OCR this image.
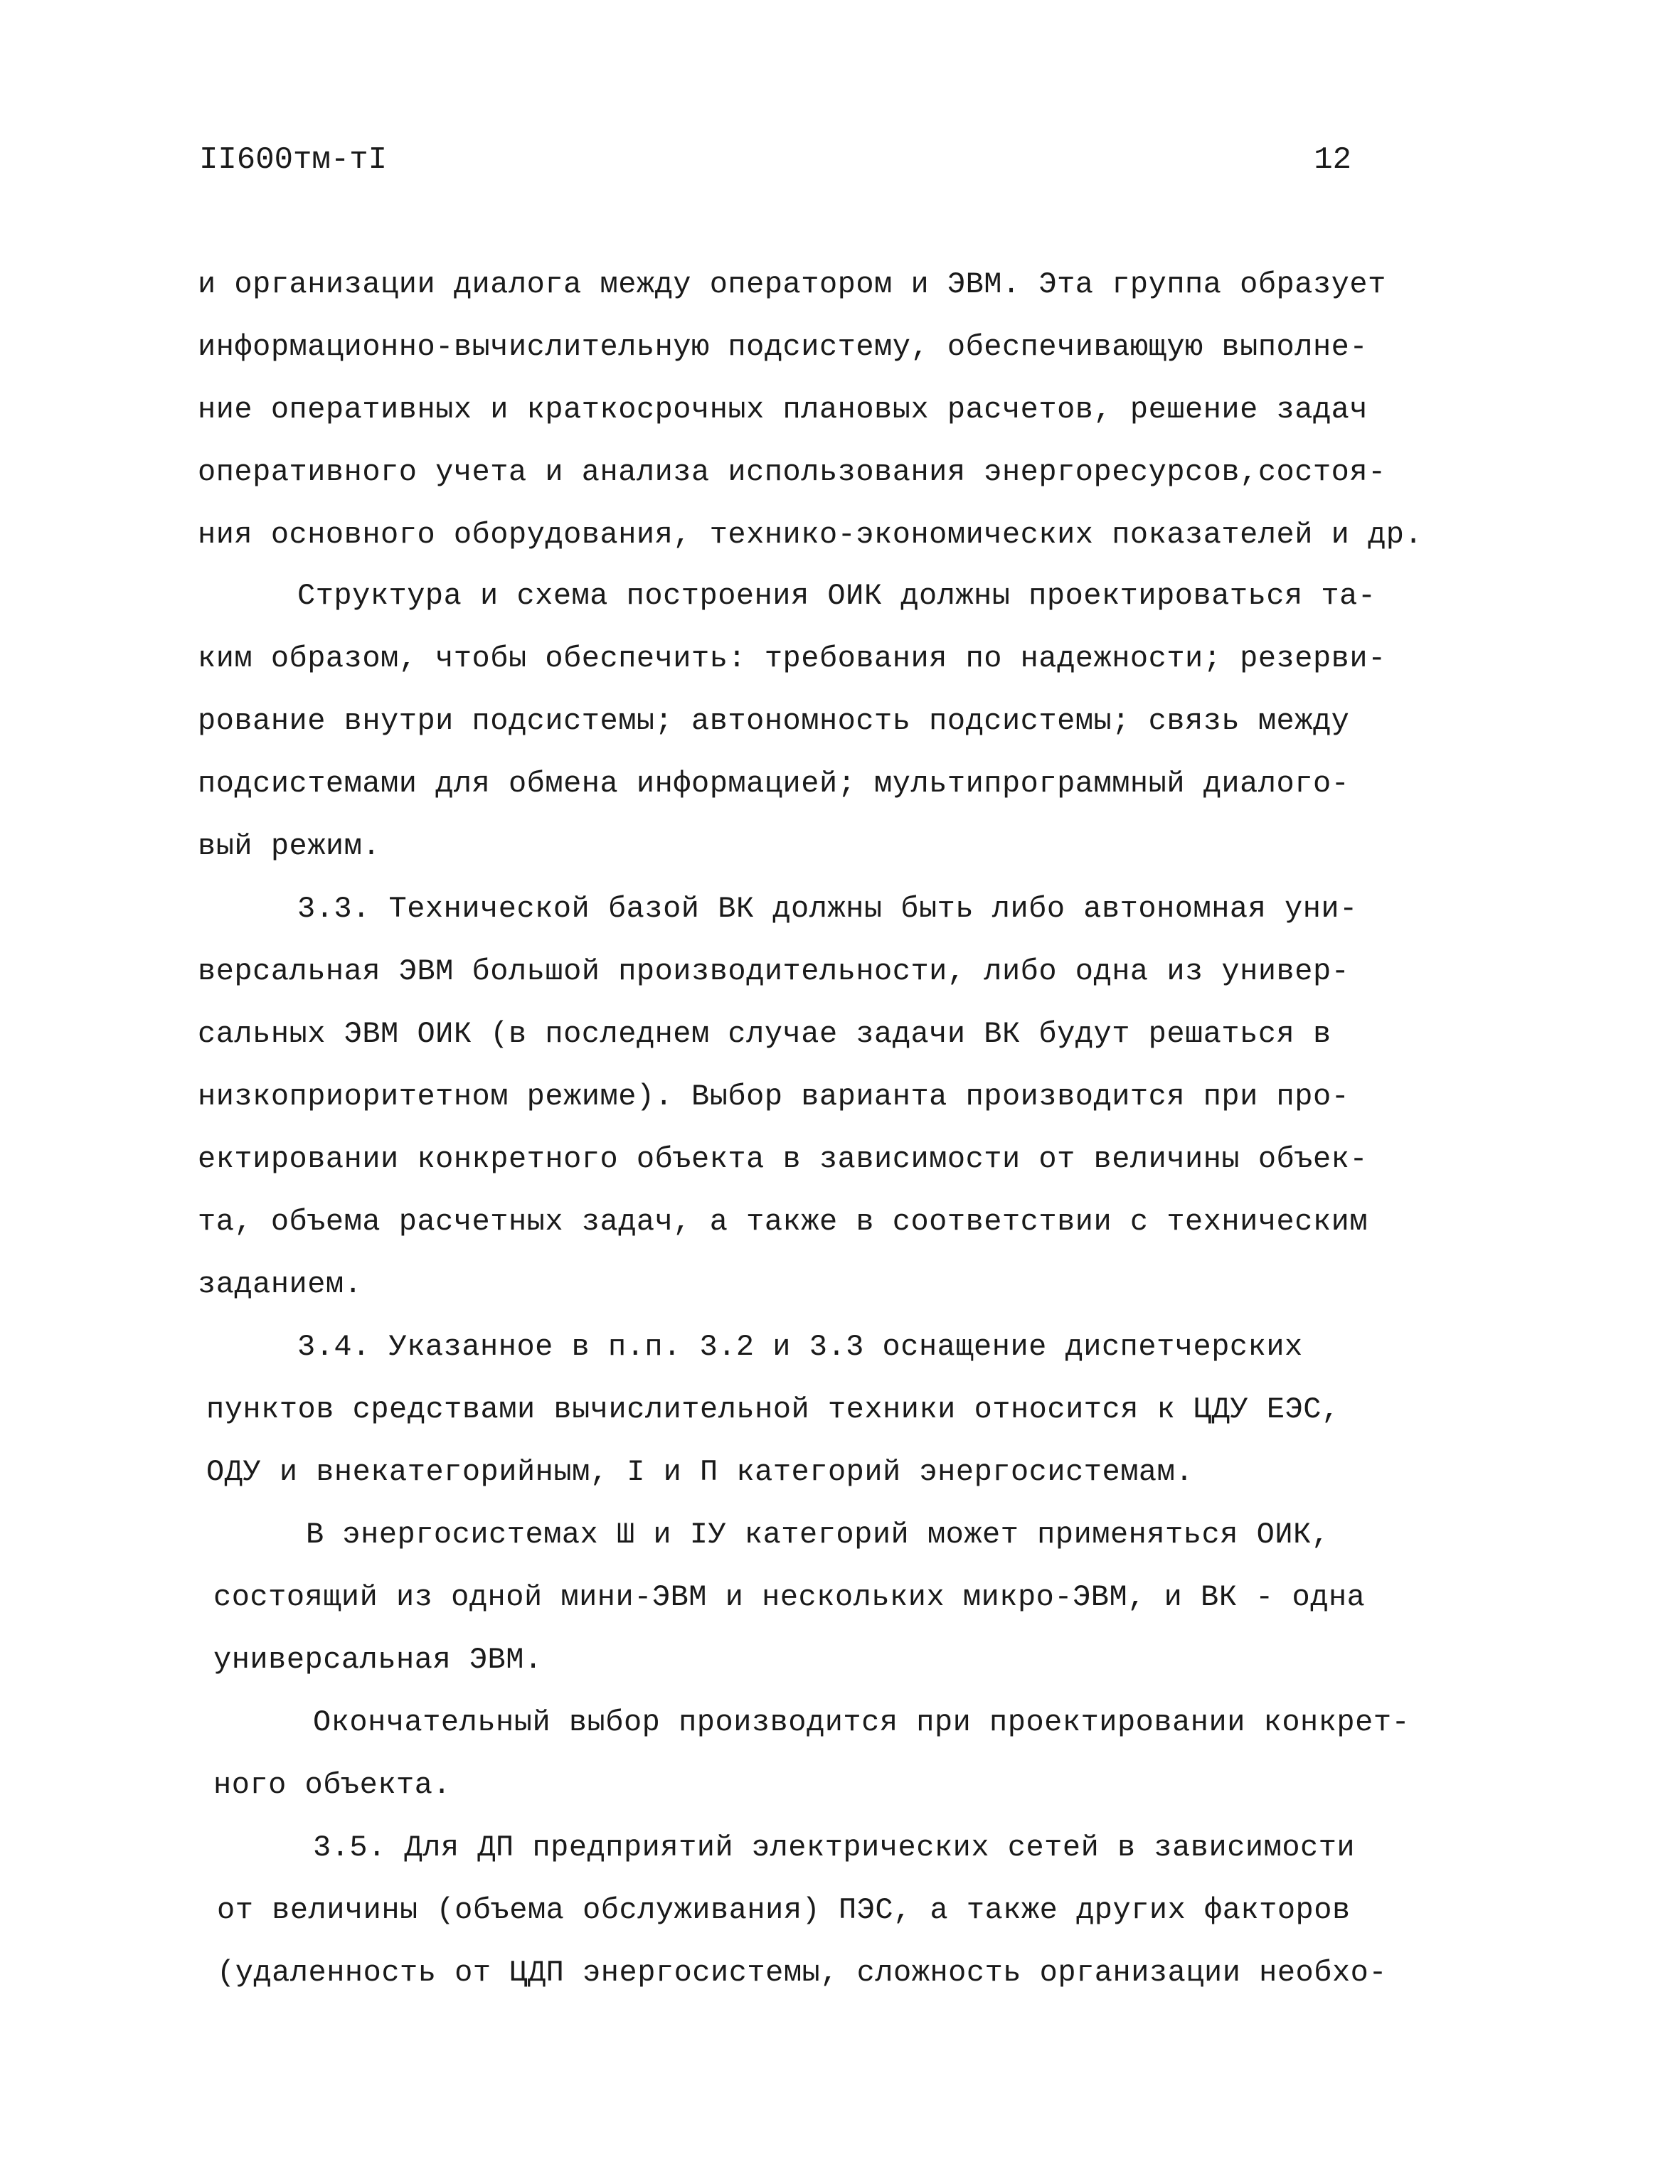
II600тм-тI	12
и организации диалога между оператором и ЭВМ. Эта группа образует
информационно-вычислительную подсистему, обеспечивающую выполне-
ние оперативных и краткосрочных плановых расчетов, решение задач
оперативного учета и анализа использования энергоресурсов,состоя-
ния основного оборудования, технико-экономических показателей и др.
Структура и схема построения ОИК должны проектироваться та-
ким образом, чтобы обеспечить: требования по надежности; резерви-
рование внутри подсистемы; автономность подсистемы; связь между
подсистемами для обмена информацией; мультипрограммный диалого-
вый режим.
3.3. Технической базой ВК должны быть либо автономная уни-
версальная ЭВМ большой производительности, либо одна из универ-
сальных ЭВМ ОИК (в последнем случае задачи ВК будут решаться в
низкоприоритетном режиме). Выбор варианта производится при про-
ектировании конкретного объекта в зависимости от величины объек-
та, объема расчетных задач, а также в соответствии с техническим
заданием.
3.4. Указанное в п.п. 3.2 и 3.3 оснащение диспетчерских
пунктов средствами вычислительной техники относится к ЦДУ ЕЭС,
ОДУ и внекатегорийным, I и П категорий энергосистемам.
В энергосистемах Ш и IУ категорий может применяться ОИК,
состоящий из одной мини-ЭВМ и нескольких микро-ЭВМ, и ВК - одна
универсальная ЭВМ.
Окончательный выбор производится при проектировании конкрет-
ного объекта.
3.5. Для ДП предприятий электрических сетей в зависимости
от величины (объема обслуживания) ПЭС, а также других факторов
(удаленность от ЦДП энергосистемы, сложность организации необхо-
